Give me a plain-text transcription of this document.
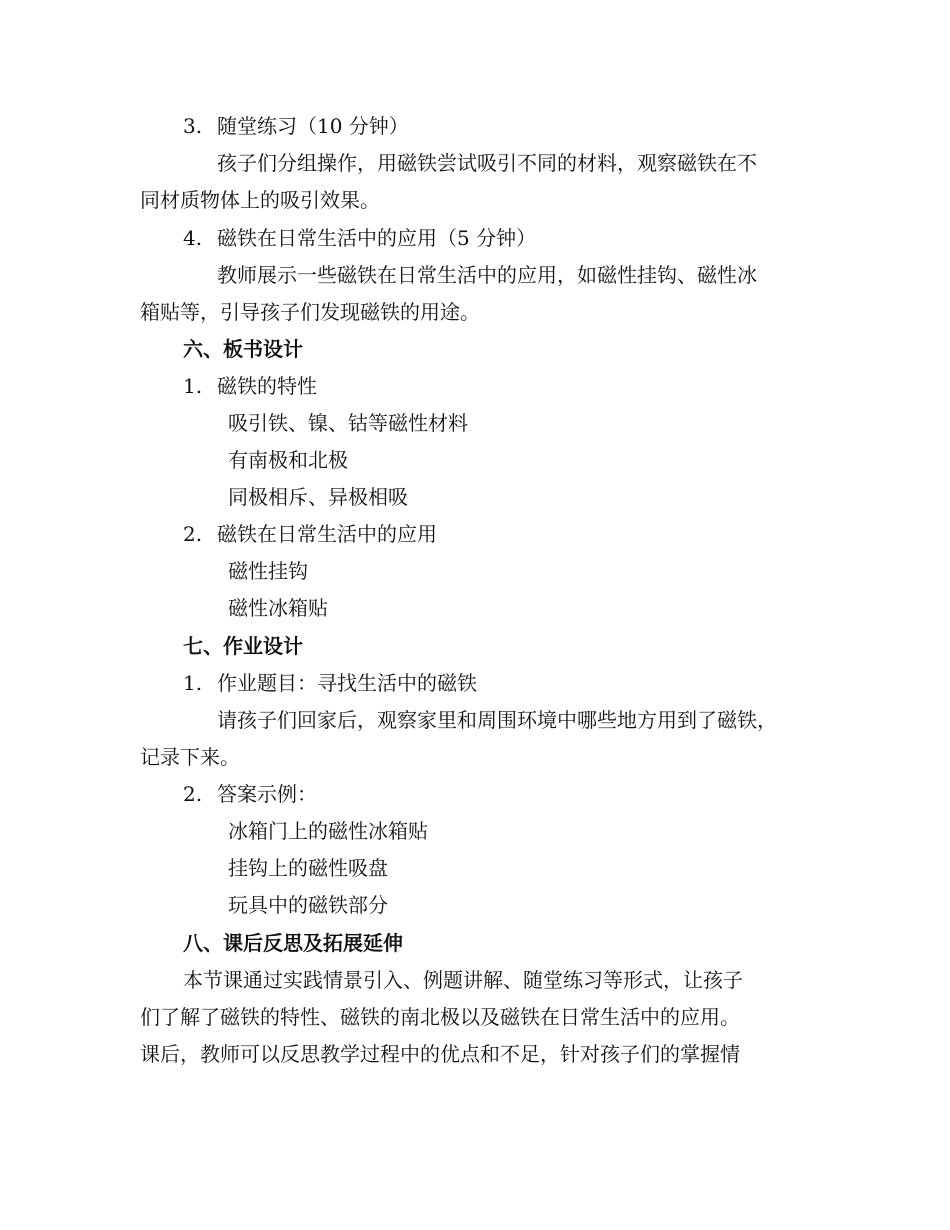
3. 随堂练习（10 分钟）
孩子们分组操作，用磁铁尝试吸引不同的材料，观察磁铁在不
同材质物体上的吸引效果。
4. 磁铁在日常生活中的应用（5 分钟）
教师展示一些磁铁在日常生活中的应用，如磁性挂钩、磁性冰
箱贴等，引导孩子们发现磁铁的用途。
六、板书设计
1. 磁铁的特性
吸引铁、镍、钴等磁性材料
有南极和北极
同极相斥、异极相吸
2. 磁铁在日常生活中的应用
磁性挂钩
磁性冰箱贴
七、作业设计
1. 作业题目：寻找生活中的磁铁
请孩子们回家后，观察家里和周围环境中哪些地方用到了磁铁，
记录下来。
2. 答案示例：
冰箱门上的磁性冰箱贴
挂钩上的磁性吸盘
玩具中的磁铁部分
八、课后反思及拓展延伸
本节课通过实践情景引入、例题讲解、随堂练习等形式，让孩子
们了解了磁铁的特性、磁铁的南北极以及磁铁在日常生活中的应用。
课后，教师可以反思教学过程中的优点和不足，针对孩子们的掌握情
